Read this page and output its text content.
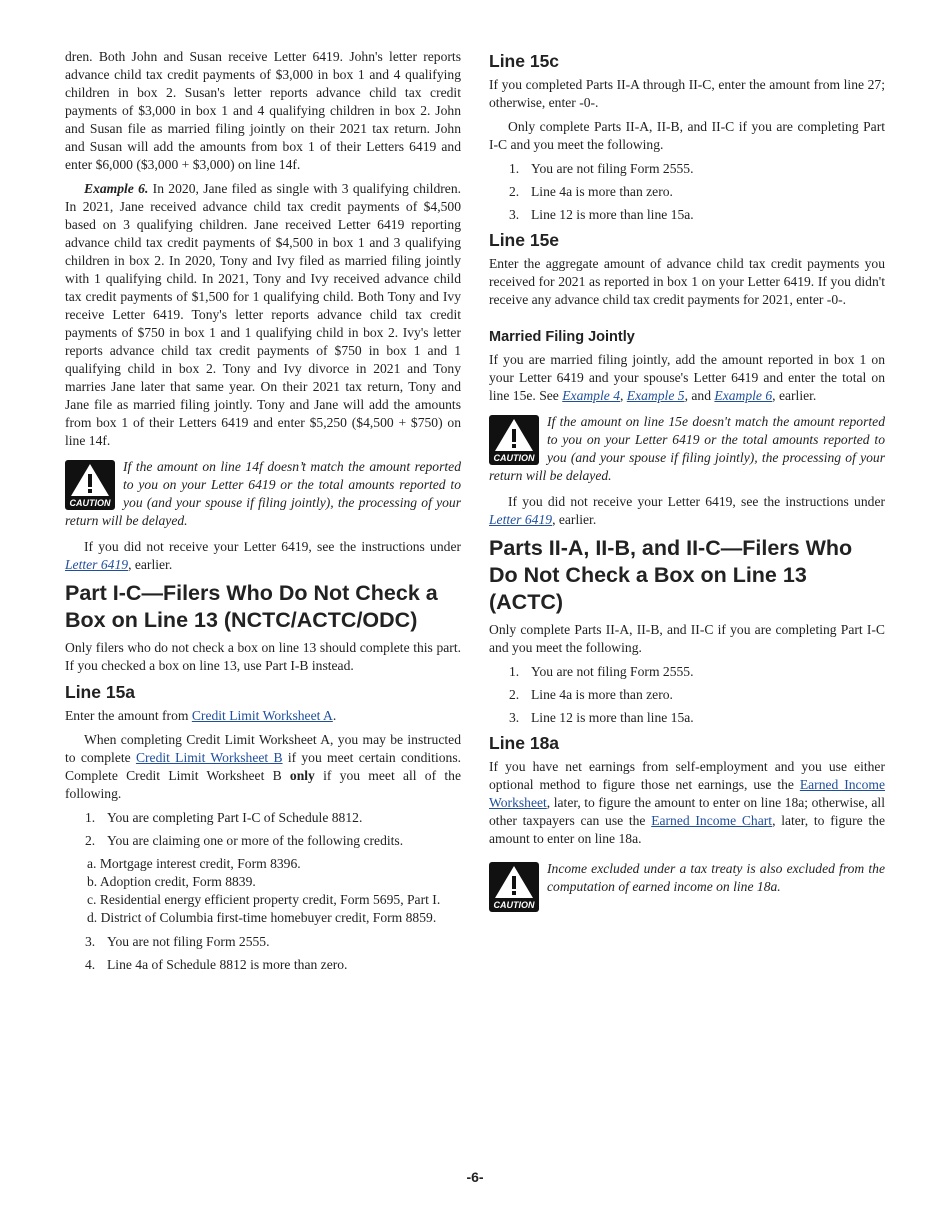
dren. Both John and Susan receive Letter 6419. John's letter reports advance child tax credit payments of $3,000 in box 1 and 4 qualifying children in box 2. Susan's letter reports advance child tax credit payments of $3,000 in box 1 and 4 qualifying children in box 2. John and Susan file as married filing jointly on their 2021 tax return. John and Susan will add the amounts from box 1 of their Letters 6419 and enter $6,000 ($3,000 + $3,000) on line 14f.

Example 6. In 2020, Jane filed as single with 3 qualifying children. In 2021, Jane received advance child tax credit payments of $4,500 based on 3 qualifying children. Jane received Letter 6419 reporting advance child tax credit payments of $4,500 in box 1 and 3 qualifying children in box 2. In 2020, Tony and Ivy filed as married filing jointly with 1 qualifying child. In 2021, Tony and Ivy received advance child tax credit payments of $1,500 for 1 qualifying child. Both Tony and Ivy receive Letter 6419. Tony's letter reports advance child tax credit payments of $750 in box 1 and 1 qualifying child in box 2. Ivy's letter reports advance child tax credit payments of $750 in box 1 and 1 qualifying child in box 2. Tony and Ivy divorce in 2021 and Tony marries Jane later that same year. On their 2021 tax return, Tony and Jane file as married filing jointly. Tony and Jane will add the amounts from box 1 of their Letters 6419 and enter $5,250 ($4,500 + $750) on line 14f.

CAUTION
If the amount on line 14f doesn’t match the amount reported to you on your Letter 6419 or the total amounts reported to you (and your spouse if filing jointly), the processing of your return will be delayed.

If you did not receive your Letter 6419, see the instructions under Letter 6419, earlier.

Part I-C—Filers Who Do Not Check a Box on Line 13 (NCTC/ACTC/ODC)

Only filers who do not check a box on line 13 should complete this part. If you checked a box on line 13, use Part I-B instead.

Line 15a

Enter the amount from Credit Limit Worksheet A.

When completing Credit Limit Worksheet A, you may be instructed to complete Credit Limit Worksheet B if you meet certain conditions. Complete Credit Limit Worksheet B only if you meet all of the following.

1. You are completing Part I-C of Schedule 8812.
2. You are claiming one or more of the following credits.
a. Mortgage interest credit, Form 8396.
b. Adoption credit, Form 8839.
c. Residential energy efficient property credit, Form 5695, Part I.
d. District of Columbia first-time homebuyer credit, Form 8859.
3. You are not filing Form 2555.
4. Line 4a of Schedule 8812 is more than zero.
Line 15c

If you completed Parts II-A through II-C, enter the amount from line 27; otherwise, enter -0-.

Only complete Parts II-A, II-B, and II-C if you are completing Part I-C and you meet the following.

1. You are not filing Form 2555.
2. Line 4a is more than zero.
3. Line 12 is more than line 15a.
Line 15e

Enter the aggregate amount of advance child tax credit payments you received for 2021 as reported in box 1 on your Letter 6419. If you didn't receive any advance child tax credit payments for 2021, enter -0-.

Married Filing Jointly

If you are married filing jointly, add the amount reported in box 1 on your Letter 6419 and your spouse's Letter 6419 and enter the total on line 15e. See Example 4, Example 5, and Example 6, earlier.

CAUTION
If the amount on line 15e doesn't match the amount reported to you on your Letter 6419 or the total amounts reported to you (and your spouse if filing jointly), the processing of your return will be delayed.

If you did not receive your Letter 6419, see the instructions under Letter 6419, earlier.

Parts II-A, II-B, and II-C—Filers Who Do Not Check a Box on Line 13 (ACTC)

Only complete Parts II-A, II-B, and II-C if you are completing Part I-C and you meet the following.

1. You are not filing Form 2555.
2. Line 4a is more than zero.
3. Line 12 is more than line 15a.
Line 18a

If you have net earnings from self-employment and you use either optional method to figure those net earnings, use the Earned Income Worksheet, later, to figure the amount to enter on line 18a; otherwise, all other taxpayers can use the Earned Income Chart, later, to figure the amount to enter on line 18a.

CAUTION
Income excluded under a tax treaty is also excluded from the computation of earned income on line 18a.
-6-
